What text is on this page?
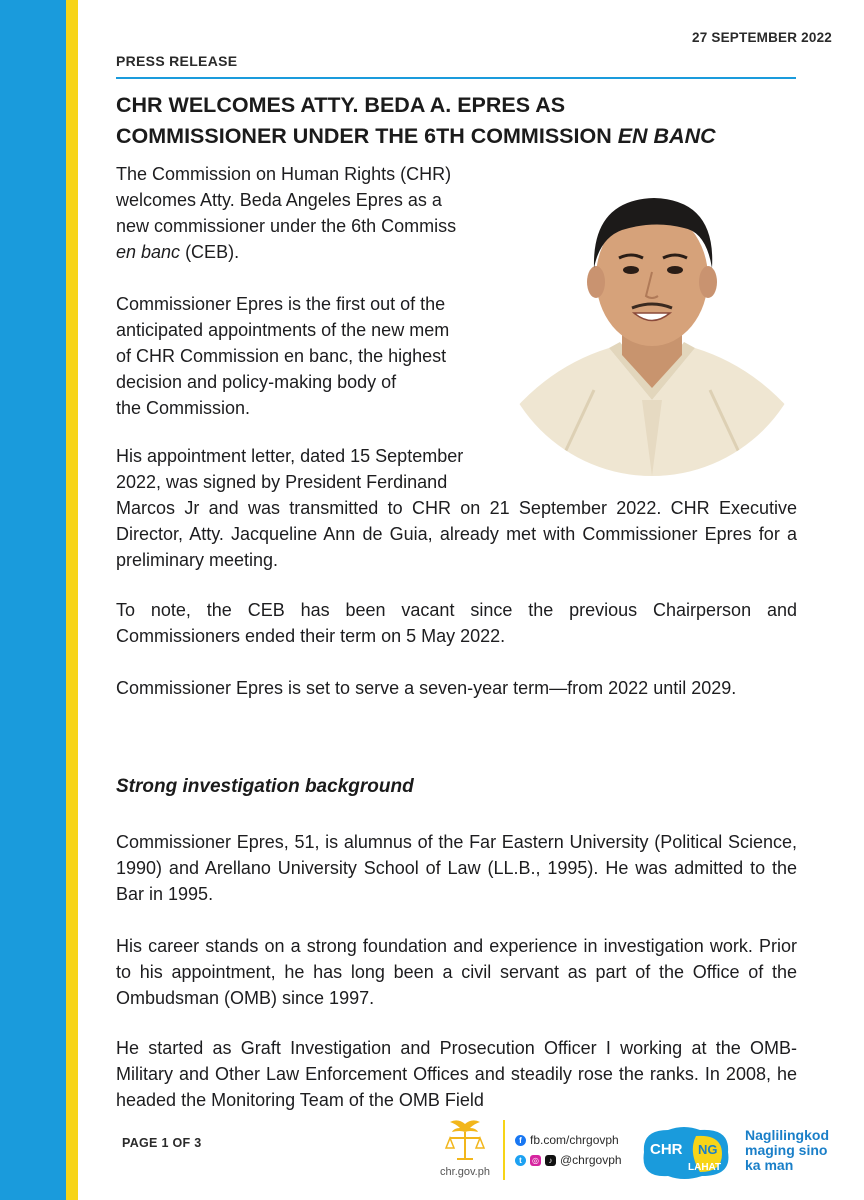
27 SEPTEMBER 2022
PRESS RELEASE
CHR WELCOMES ATTY. BEDA A. EPRES AS
COMMISSIONER UNDER THE 6TH COMMISSION EN BANC

The Commission on Human Rights (CHR)
welcomes Atty. Beda Angeles Epres as a
new commissioner under the 6th Commiss
en banc (CEB).

Commissioner Epres is the first out of the
anticipated appointments of the new mem
of CHR Commission en banc, the highest
decision and policy-making body of
the Commission.

His appointment letter, dated 15 September
2022, was signed by President Ferdinand

Marcos Jr and was transmitted to CHR on 21 September 2022. CHR Executive Director, Atty. Jacqueline Ann de Guia, already met with Commissioner Epres for a preliminary meeting.

To note, the CEB has been vacant since the previous Chairperson and Commissioners ended their term on 5 May 2022.

Commissioner Epres is set to serve a seven-year term—from 2022 until 2029.

Strong investigation background

Commissioner Epres, 51, is alumnus of the Far Eastern University (Political Science, 1990) and Arellano University School of Law (LL.B., 1995). He was admitted to the Bar in 1995.

His career stands on a strong foundation and experience in investigation work. Prior to his appointment, he has long been a civil servant as part of the Office of the Ombudsman (OMB) since 1997.

He started as Graft Investigation and Prosecution Officer I working at the OMB-Military and Other Law Enforcement Offices and steadily rose the ranks. In 2008, he headed the Monitoring Team of the OMB Field

PAGE 1 OF 3
chr.gov.ph
f fb.com/chrgovph
t	◎	♪ @chrgovph
CHR NG
LAHAT
Naglilingkod
maging sino
ka man
